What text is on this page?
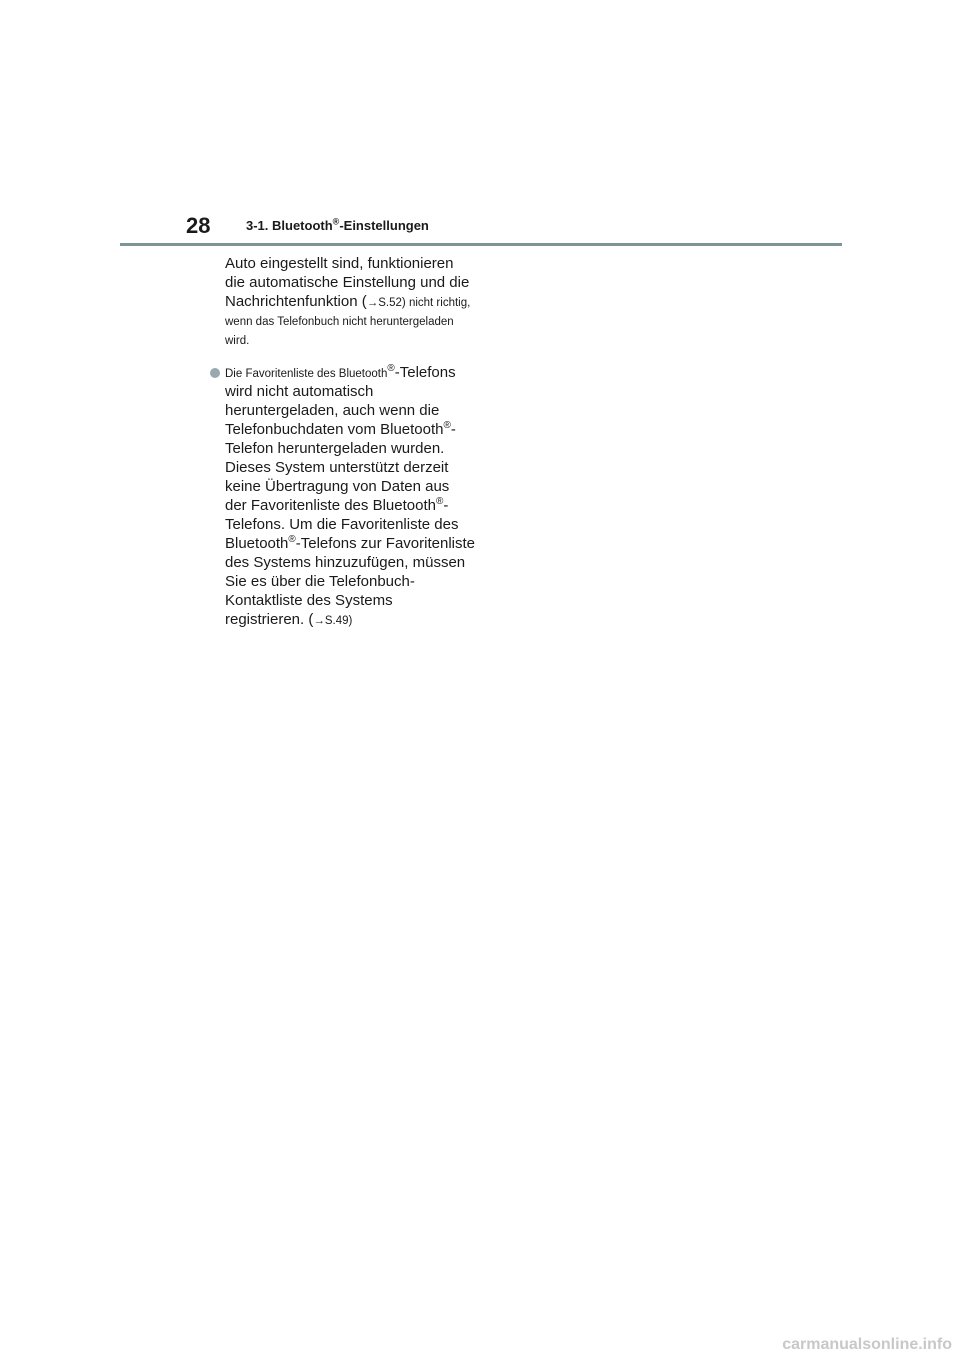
28	3-1. Bluetooth®-Einstellungen
Auto eingestellt sind, funktionieren die automatische Einstellung und die Nachrichtenfunktion (→S.52) nicht richtig, wenn das Telefonbuch nicht heruntergeladen wird.
Die Favoritenliste des Bluetooth®-Telefons wird nicht automatisch heruntergeladen, auch wenn die Telefonbuchdaten vom Bluetooth®-Telefon heruntergeladen wurden. Dieses System unterstützt derzeit keine Übertragung von Daten aus der Favoritenliste des Bluetooth®-Telefons. Um die Favoritenliste des Bluetooth®-Telefons zur Favoritenliste des Systems hinzuzufügen, müssen Sie es über die Telefonbuch-Kontaktliste des Systems registrieren. (→S.49)
carmanualsonline.info
